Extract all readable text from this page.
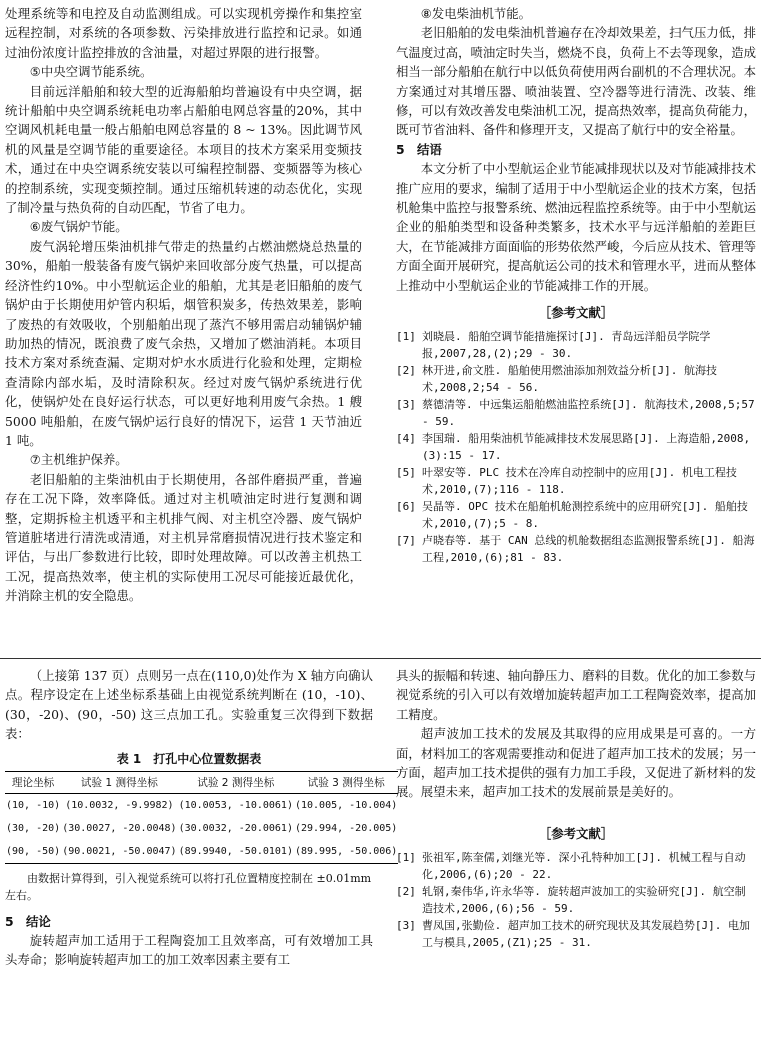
处理系统等和电控及自动监测组成。可以实现机旁操作和集控室远程控制，对系统的各项参数、污染排放进行监控和记录。如通过油份浓度计监控排放的含油量，对超过界限的进行报警。

⑤中央空调节能系统。

目前远洋船舶和较大型的近海船舶均普遍设有中央空调，据统计船舶中央空调系统耗电功率占船舶电网总容量的20%，其中空调风机耗电量一般占船舶电网总容量的 8 ~ 13%。因此调节风机的风量是空调节能的重要途径。本项目的技术方案采用变频技术，通过在中央空调系统安装以可编程控制器、变频器等为核心的控制系统，实现变频控制。通过压缩机转速的动态优化，实现了制冷量与热负荷的自动匹配，节省了电力。

⑥废气锅炉节能。

废气涡轮增压柴油机排气带走的热量约占燃油燃烧总热量的30%，船舶一般装备有废气锅炉来回收部分废气热量，可以提高经济性约10%。中小型航运企业的船舶，尤其是老旧船舶的废气锅炉由于长期使用炉管内积垢，烟管积炭多，传热效果差，影响了废热的有效吸收，个别船舶出现了蒸汽不够用需启动辅锅炉辅助加热的情况，既浪费了废气余热，又增加了燃油消耗。本项目技术方案对系统查漏、定期对炉水水质进行化验和处理，定期检查清除内部水垢，及时清除积灰。经过对废气锅炉系统进行优化，使锅炉处在良好运行状态，可以更好地利用废气余热。1 艘 5000 吨船舶，在废气锅炉运行良好的情况下，运营 1 天节油近 1 吨。

⑦主机维护保养。

老旧船舶的主柴油机由于长期使用，各部件磨损严重，普遍存在工况下降，效率降低。通过对主机喷油定时进行复测和调整，定期拆检主机透平和主机排气阀、对主机空冷器、废气锅炉管道脏堵进行清洗或清通，对主机异常磨损情况进行技术鉴定和评估，与出厂参数进行比较，即时处理故障。可以改善主机热工工况，提高热效率，使主机的实际使用工况尽可能接近最优化，并消除主机的安全隐患。

⑧发电柴油机节能。

老旧船舶的发电柴油机普遍存在冷却效果差，扫气压力低，排气温度过高，喷油定时失当，燃烧不良，负荷上不去等现象，造成相当一部分船舶在航行中以低负荷使用两台副机的不合理状况。本方案通过对其增压器、喷油装置、空冷器等进行清洗、改装、维修，可以有效改善发电柴油机工况，提高热效率，提高负荷能力，既可节省油料、备件和修理开支，又提高了航行中的安全裕量。

5　结语

本文分析了中小型航运企业节能减排现状以及对节能减排技术推广应用的要求，编制了适用于中小型航运企业的技术方案，包括机舱集中监控与报警系统、燃油远程监控系统等。由于中小型航运企业的船舶类型和设备种类繁多，技术水平与远洋船舶的差距巨大，在节能减排方面面临的形势依然严峻，今后应从技术、管理等方面全面开展研究，提高航运公司的技术和管理水平，进而从整体上推动中小型航运企业的节能减排工作的开展。

［参考文献］

[1] 刘晓晨. 船舶空调节能措施探讨[J]. 青岛远洋船员学院学报,2007,28,(2);29 - 30.
[2] 林开进,俞文胜. 船舶使用燃油添加剂效益分析[J]. 航海技术,2008,2;54 - 56.
[3] 蔡德清等. 中远集运船舶燃油监控系统[J]. 航海技术,2008,5;57 - 59.
[4] 李国瑞. 船用柴油机节能减排技术发展思路[J]. 上海造船,2008,(3):15 - 17.
[5] 叶翠安等. PLC 技术在冷库自动控制中的应用[J]. 机电工程技术,2010,(7);116 - 118.
[6] 吴晶等. OPC 技术在船舶机舱测控系统中的应用研究[J]. 船舶技术,2010,(7);5 - 8.
[7] 卢晓春等. 基于 CAN 总线的机舱数据组态监测报警系统[J]. 船海工程,2010,(6);81 - 83.

（上接第 137 页）点则另一点在(110,0)处作为 X 轴方向确认点。程序设定在上述坐标系基础上由视觉系统判断在 (10，-10)、(30，-20)、(90，-50) 这三点加工孔。实验重复三次得到下数据表：

表 1　打孔中心位置数据表

理论坐标	试验 1 测得坐标	试验 2 测得坐标	试验 3 测得坐标
(10, -10)	(10.0032, -9.9982)	(10.0053, -10.0061)	(10.005, -10.004)
(30, -20)	(30.0027, -20.0048)	(30.0032, -20.0061)	(29.994, -20.005)
(90, -50)	(90.0021, -50.0047)	(89.9940, -50.0101)	(89.995, -50.006)

由数据计算得到，引入视觉系统可以将打孔位置精度控制在 ±0.01mm 左右。

5　结论

旋转超声加工适用于工程陶瓷加工且效率高，可有效增加工具头寿命；影响旋转超声加工的加工效率因素主要有工

具头的振幅和转速、轴向静压力、磨料的目数。优化的加工参数与视觉系统的引入可以有效增加旋转超声加工工程陶瓷效率，提高加工精度。

超声波加工技术的发展及其取得的应用成果是可喜的。一方面，材料加工的客观需要推动和促进了超声加工技术的发展；另一方面，超声加工技术提供的强有力加工手段，又促进了新材料的发展。展望未来，超声加工技术的发展前景是美好的。

［参考文献］

[1] 张祖军,陈奎儒,刘继光等. 深小孔特种加工[J]. 机械工程与自动化,2006,(6);20 - 22.
[2] 轧钢,秦伟华,许永华等. 旋转超声波加工的实验研究[J]. 航空制造技术,2006,(6);56 - 59.
[3] 曹凤国,张勤俭. 超声加工技术的研究现状及其发展趋势[J]. 电加工与模具,2005,(Z1);25 - 31.
